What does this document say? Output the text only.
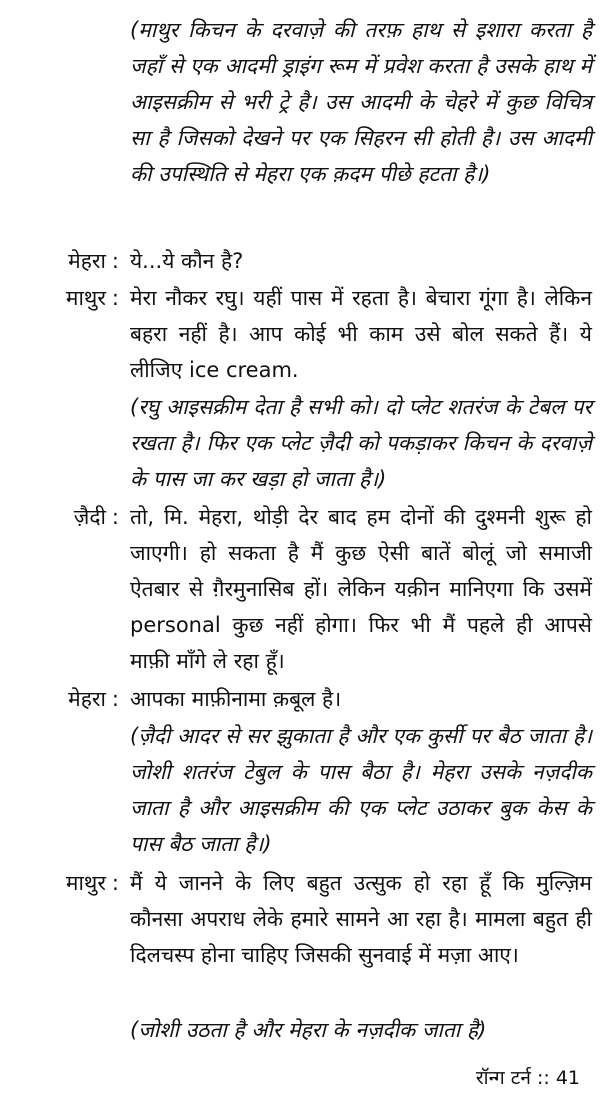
(माथुर किचन के दरवाज़े की तरफ़ हाथ से इशारा करता है जहाँ से एक आदमी ड्राइंग रूम में प्रवेश करता है उसके हाथ में आइसक्रीम से भरी ट्रे है। उस आदमी के चेहरे में कुछ विचित्र सा है जिसको देखने पर एक सिहरन सी होती है। उस आदमी की उपस्थिति से मेहरा एक क़दम पीछे हटता है।)
मेहरा : ये...ये कौन है?
माथुर : मेरा नौकर रघु। यहीं पास में रहता है। बेचारा गूंगा है। लेकिन बहरा नहीं है। आप कोई भी काम उसे बोल सकते हैं। ये लीजिए ice cream.
(रघु आइसक्रीम देता है सभी को। दो प्लेट शतरंज के टेबल पर रखता है। फिर एक प्लेट ज़ैदी को पकड़ाकर किचन के दरवाज़े के पास जा कर खड़ा हो जाता है।)
ज़ैदी : तो, मि. मेहरा, थोड़ी देर बाद हम दोनों की दुश्मनी शुरू हो जाएगी। हो सकता है मैं कुछ ऐसी बातें बोलूं जो समाजी ऐतबार से ग़ैरमुनासिब हों। लेकिन यक़ीन मानिएगा कि उसमें personal कुछ नहीं होगा। फिर भी मैं पहले ही आपसे माफ़ी माँगे ले रहा हूँ।
मेहरा : आपका माफ़ीनामा क़बूल है।
(ज़ैदी आदर से सर झुकाता है और एक कुर्सी पर बैठ जाता है। जोशी शतरंज टेबुल के पास बैठा है। मेहरा उसके नज़दीक जाता है और आइसक्रीम की एक प्लेट उठाकर बुक केस के पास बैठ जाता है।)
माथुर : मैं ये जानने के लिए बहुत उत्सुक हो रहा हूँ कि मुल्ज़िम कौनसा अपराध लेके हमारे सामने आ रहा है। मामला बहुत ही दिलचस्प होना चाहिए जिसकी सुनवाई में मज़ा आए।
(जोशी उठता है और मेहरा के नज़दीक जाता है)
रॉन्ग टर्न :: 41
